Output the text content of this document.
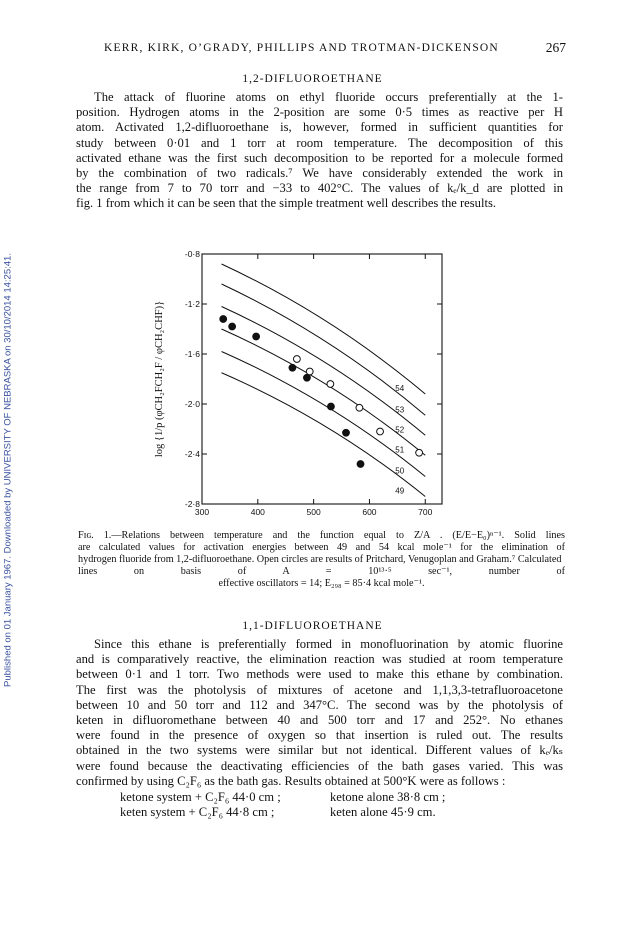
Published on 01 January 1967. Downloaded by UNIVERSITY OF NEBRASKA on 30/10/2014 14:25:41.
KERR, KIRK, O’GRADY, PHILLIPS AND TROTMAN-DICKENSON	267
1,2-DIFLUOROETHANE
The attack of fluorine atoms on ethyl fluoride occurs preferentially at the 1-
position. Hydrogen atoms in the 2-position are some 0·5 times as reactive per H
atom. Activated 1,2-difluoroethane is, however, formed in sufficient quantities for
study between 0·01 and 1 torr at room temperature. The decomposition of this
activated ethane was the first such decomposition to be reported for a molecule formed
by the combination of two radicals.⁷ We have considerably extended the work in
the range from 7 to 70 torr and −33 to 402°C. The values of kₑ/k_d are plotted in
fig. 1 from which it can be seen that the simple treatment well describes the results.
300	400	500	600	700
-0·8
-1·2
-1·6
-2·0
-2·4
-2·8
log {1/p (φCH₂FCH₂F / φCH₂CHF)}	54
53
52
51
50
49
Fɪɢ. 1.—Relations between temperature and the function equal to Z/A . (E/E−E₀)ⁿ⁻¹. Solid lines
are calculated values for activation energies between 49 and 54 kcal mole⁻¹ for the elimination of
hydrogen fluoride from 1,2-difluoroethane. Open circles are results of Pritchard, Venugoplan and Graham.⁷ Calculated lines on basis of A = 10¹³·⁵ sec⁻¹, number of
effective oscillators = 14; E₂₉₈ = 85·4 kcal mole⁻¹.
1,1-DIFLUOROETHANE
Since this ethane is preferentially formed in monofluorination by atomic fluorine
and is comparatively reactive, the elimination reaction was studied at room temperature
between 0·1 and 1 torr. Two methods were used to make this ethane by combination.
The first was the photolysis of mixtures of acetone and 1,1,3,3-tetrafluoroacetone
between 10 and 50 torr and 112 and 347°C. The second was by the photolysis of
keten in difluoromethane between 40 and 500 torr and 17 and 252°. No ethanes
were found in the presence of oxygen so that insertion is ruled out. The results
obtained in the two systems were similar but not identical. Different values of kₑ/kₛ
were found because the deactivating efficiencies of the bath gases varied. This was
confirmed by using C₂F₆ as the bath gas. Results obtained at 500°K were as follows :
ketone system + C₂F₆ 44·0 cm ;	ketone alone 38·8 cm ;
keten system + C₂F₆ 44·8 cm ;	keten alone 45·9 cm.
